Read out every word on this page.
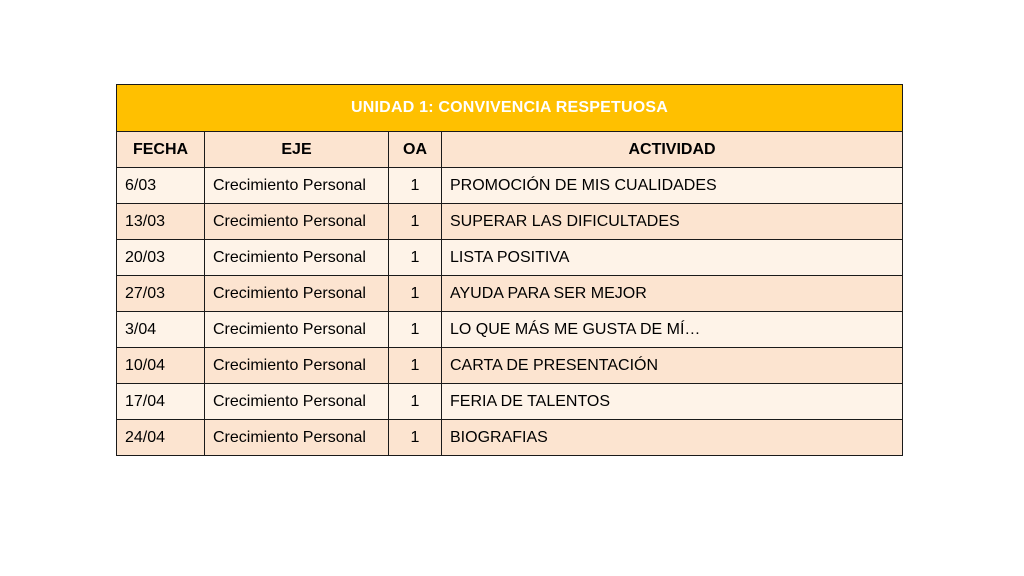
UNIDAD 1: CONVIVENCIA RESPETUOSA			
FECHA	EJE	OA	ACTIVIDAD
6/03	Crecimiento Personal	1	PROMOCIÓN DE MIS CUALIDADES
13/03	Crecimiento Personal	1	SUPERAR LAS DIFICULTADES
20/03	Crecimiento Personal	1	LISTA POSITIVA
27/03	Crecimiento Personal	1	AYUDA PARA SER MEJOR
3/04	Crecimiento Personal	1	LO QUE MÁS ME GUSTA DE MÍ…
10/04	Crecimiento Personal	1	CARTA DE PRESENTACIÓN
17/04	Crecimiento Personal	1	FERIA DE TALENTOS
24/04	Crecimiento Personal	1	BIOGRAFIAS
